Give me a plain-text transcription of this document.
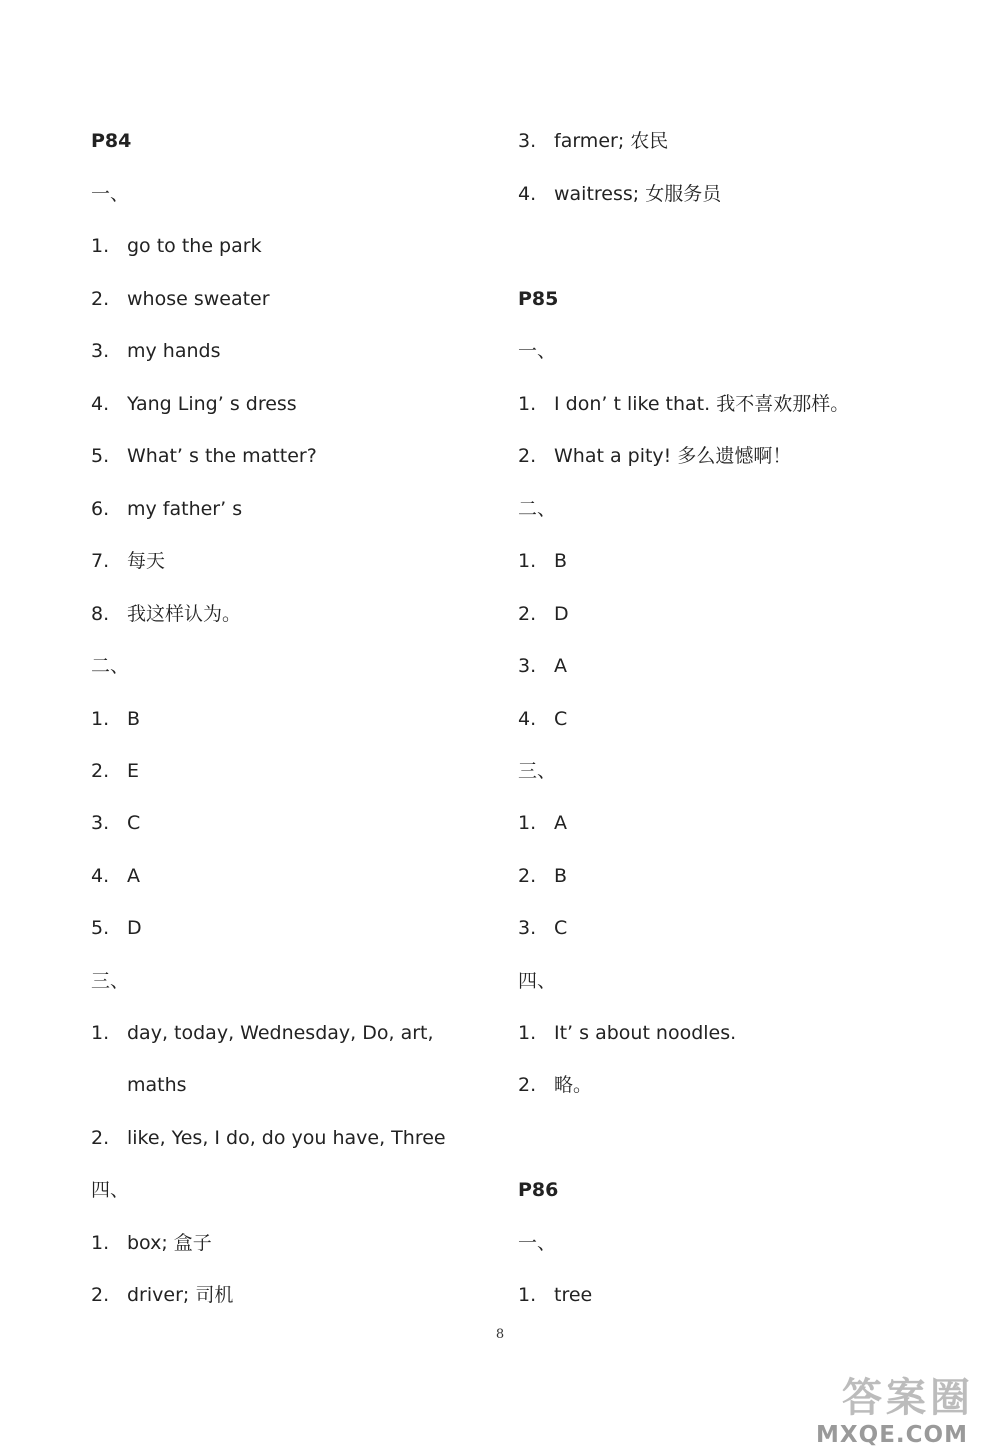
P84
一、
1. go to the park
2. whose sweater
3. my hands
4. Yang Ling’ s dress
5. What’ s the matter?
6. my father’ s
7. 每天
8. 我这样认为。
二、
1. B
2. E
3. C
4. A
5. D
三、
1. day, today, Wednesday, Do, art,
maths
2. like, Yes, I do, do you have, Three
四、
1. box; 盒子
2. driver; 司机
3. farmer; 农民
4. waitress; 女服务员
P85
一、
1. I don’ t like that. 我不喜欢那样。
2. What a pity! 多么遗憾啊！
二、
1. B
2. D
3. A
4. C
三、
1. A
2. B
3. C
四、
1. It’ s about noodles.
2. 略。
P86
一、
1. tree
8
答案圈
MXQE.COM
